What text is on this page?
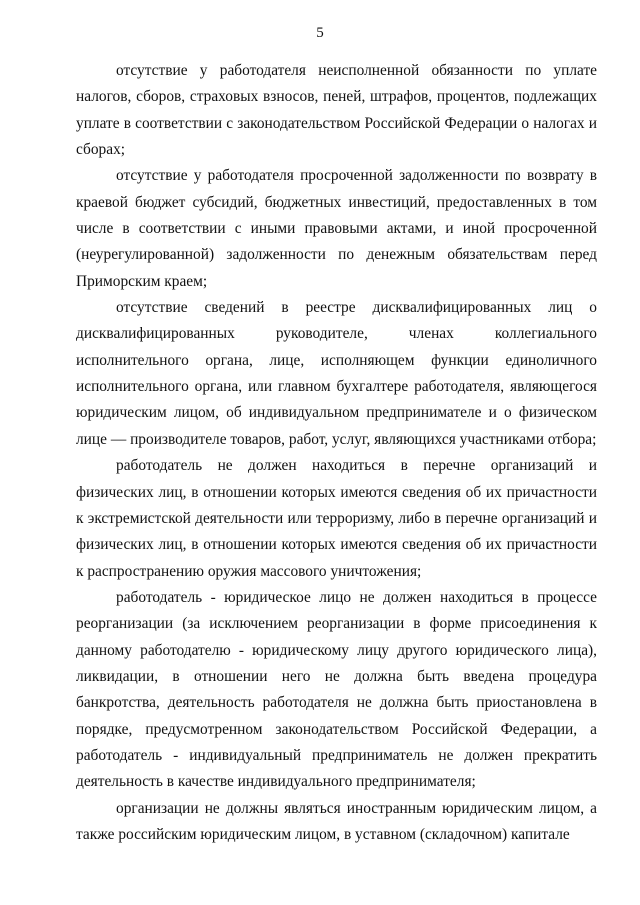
5

отсутствие у работодателя неисполненной обязанности по уплате налогов, сборов, страховых взносов, пеней, штрафов, процентов, подлежащих уплате в соответствии с законодательством Российской Федерации о налогах и сборах;

отсутствие у работодателя просроченной задолженности по возврату в краевой бюджет субсидий, бюджетных инвестиций, предоставленных в том числе в соответствии с иными правовыми актами, и иной просроченной (неурегулированной) задолженности по денежным обязательствам перед Приморским краем;

отсутствие сведений в реестре дисквалифицированных лиц о дисквалифицированных руководителе, членах коллегиального исполнительного органа, лице, исполняющем функции единоличного исполнительного органа, или главном бухгалтере работодателя, являющегося юридическим лицом, об индивидуальном предпринимателе и о физическом лице — производителе товаров, работ, услуг, являющихся участниками отбора;

работодатель не должен находиться в перечне организаций и физических лиц, в отношении которых имеются сведения об их причастности к экстремистской деятельности или терроризму, либо в перечне организаций и физических лиц, в отношении которых имеются сведения об их причастности к распространению оружия массового уничтожения;

работодатель - юридическое лицо не должен находиться в процессе реорганизации (за исключением реорганизации в форме присоединения к данному работодателю - юридическому лицу другого юридического лица), ликвидации, в отношении него не должна быть введена процедура банкротства, деятельность работодателя не должна быть приостановлена в порядке, предусмотренном законодательством Российской Федерации, а работодатель - индивидуальный предприниматель не должен прекратить деятельность в качестве индивидуального предпринимателя;

организации не должны являться иностранным юридическим лицом, а также российским юридическим лицом, в уставном (складочном) капитале
